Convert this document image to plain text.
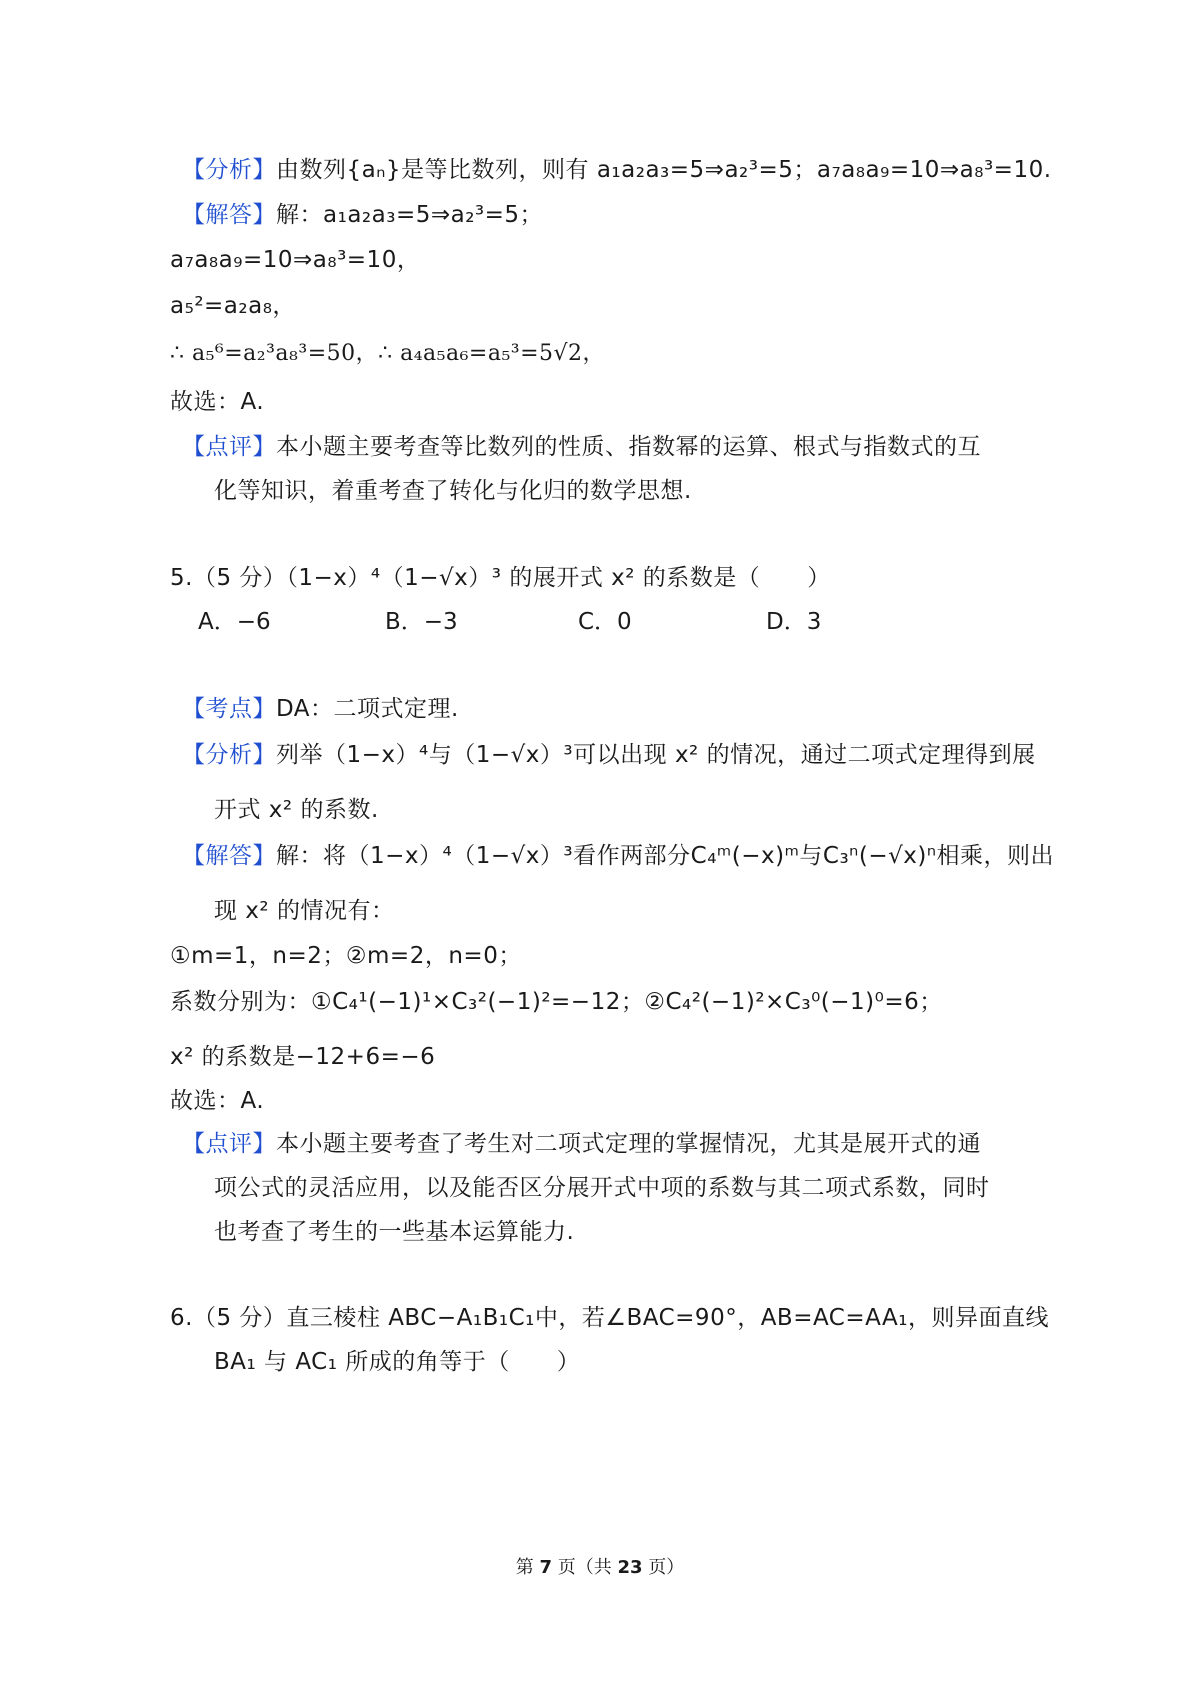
【分析】由数列{aₙ}是等比数列，则有 a₁a₂a₃=5⇒a₂³=5；a₇a₈a₉=10⇒a₈³=10.
【解答】解：a₁a₂a₃=5⇒a₂³=5；
a₇a₈a₉=10⇒a₈³=10，
a₅²=a₂a₈，
∴ a₅⁶=a₂³a₈³=50，∴ a₄a₅a₆=a₅³=5√2，
故选：A.
【点评】本小题主要考查等比数列的性质、指数幂的运算、根式与指数式的互
化等知识，着重考查了转化与化归的数学思想.
5.（5 分）（1−x）⁴（1−√x）³ 的展开式 x² 的系数是（　　）
A．−6	B．−3	C．0	D．3
【考点】DA：二项式定理.
【分析】列举（1−x）⁴与（1−√x）³可以出现 x² 的情况，通过二项式定理得到展
开式 x² 的系数.
【解答】解：将（1−x）⁴（1−√x）³看作两部分C₄ᵐ(−x)ᵐ与C₃ⁿ(−√x)ⁿ相乘，则出
现 x² 的情况有：
①m=1，n=2；②m=2，n=0；
系数分别为：①C₄¹(−1)¹×C₃²(−1)²=−12；②C₄²(−1)²×C₃⁰(−1)⁰=6；
x² 的系数是−12+6=−6
故选：A.
【点评】本小题主要考查了考生对二项式定理的掌握情况，尤其是展开式的通
项公式的灵活应用，以及能否区分展开式中项的系数与其二项式系数，同时
也考查了考生的一些基本运算能力.
6.（5 分）直三棱柱 ABC−A₁B₁C₁中，若∠BAC=90°，AB=AC=AA₁，则异面直线
BA₁ 与 AC₁ 所成的角等于（　　）
第 7 页（共 23 页）
